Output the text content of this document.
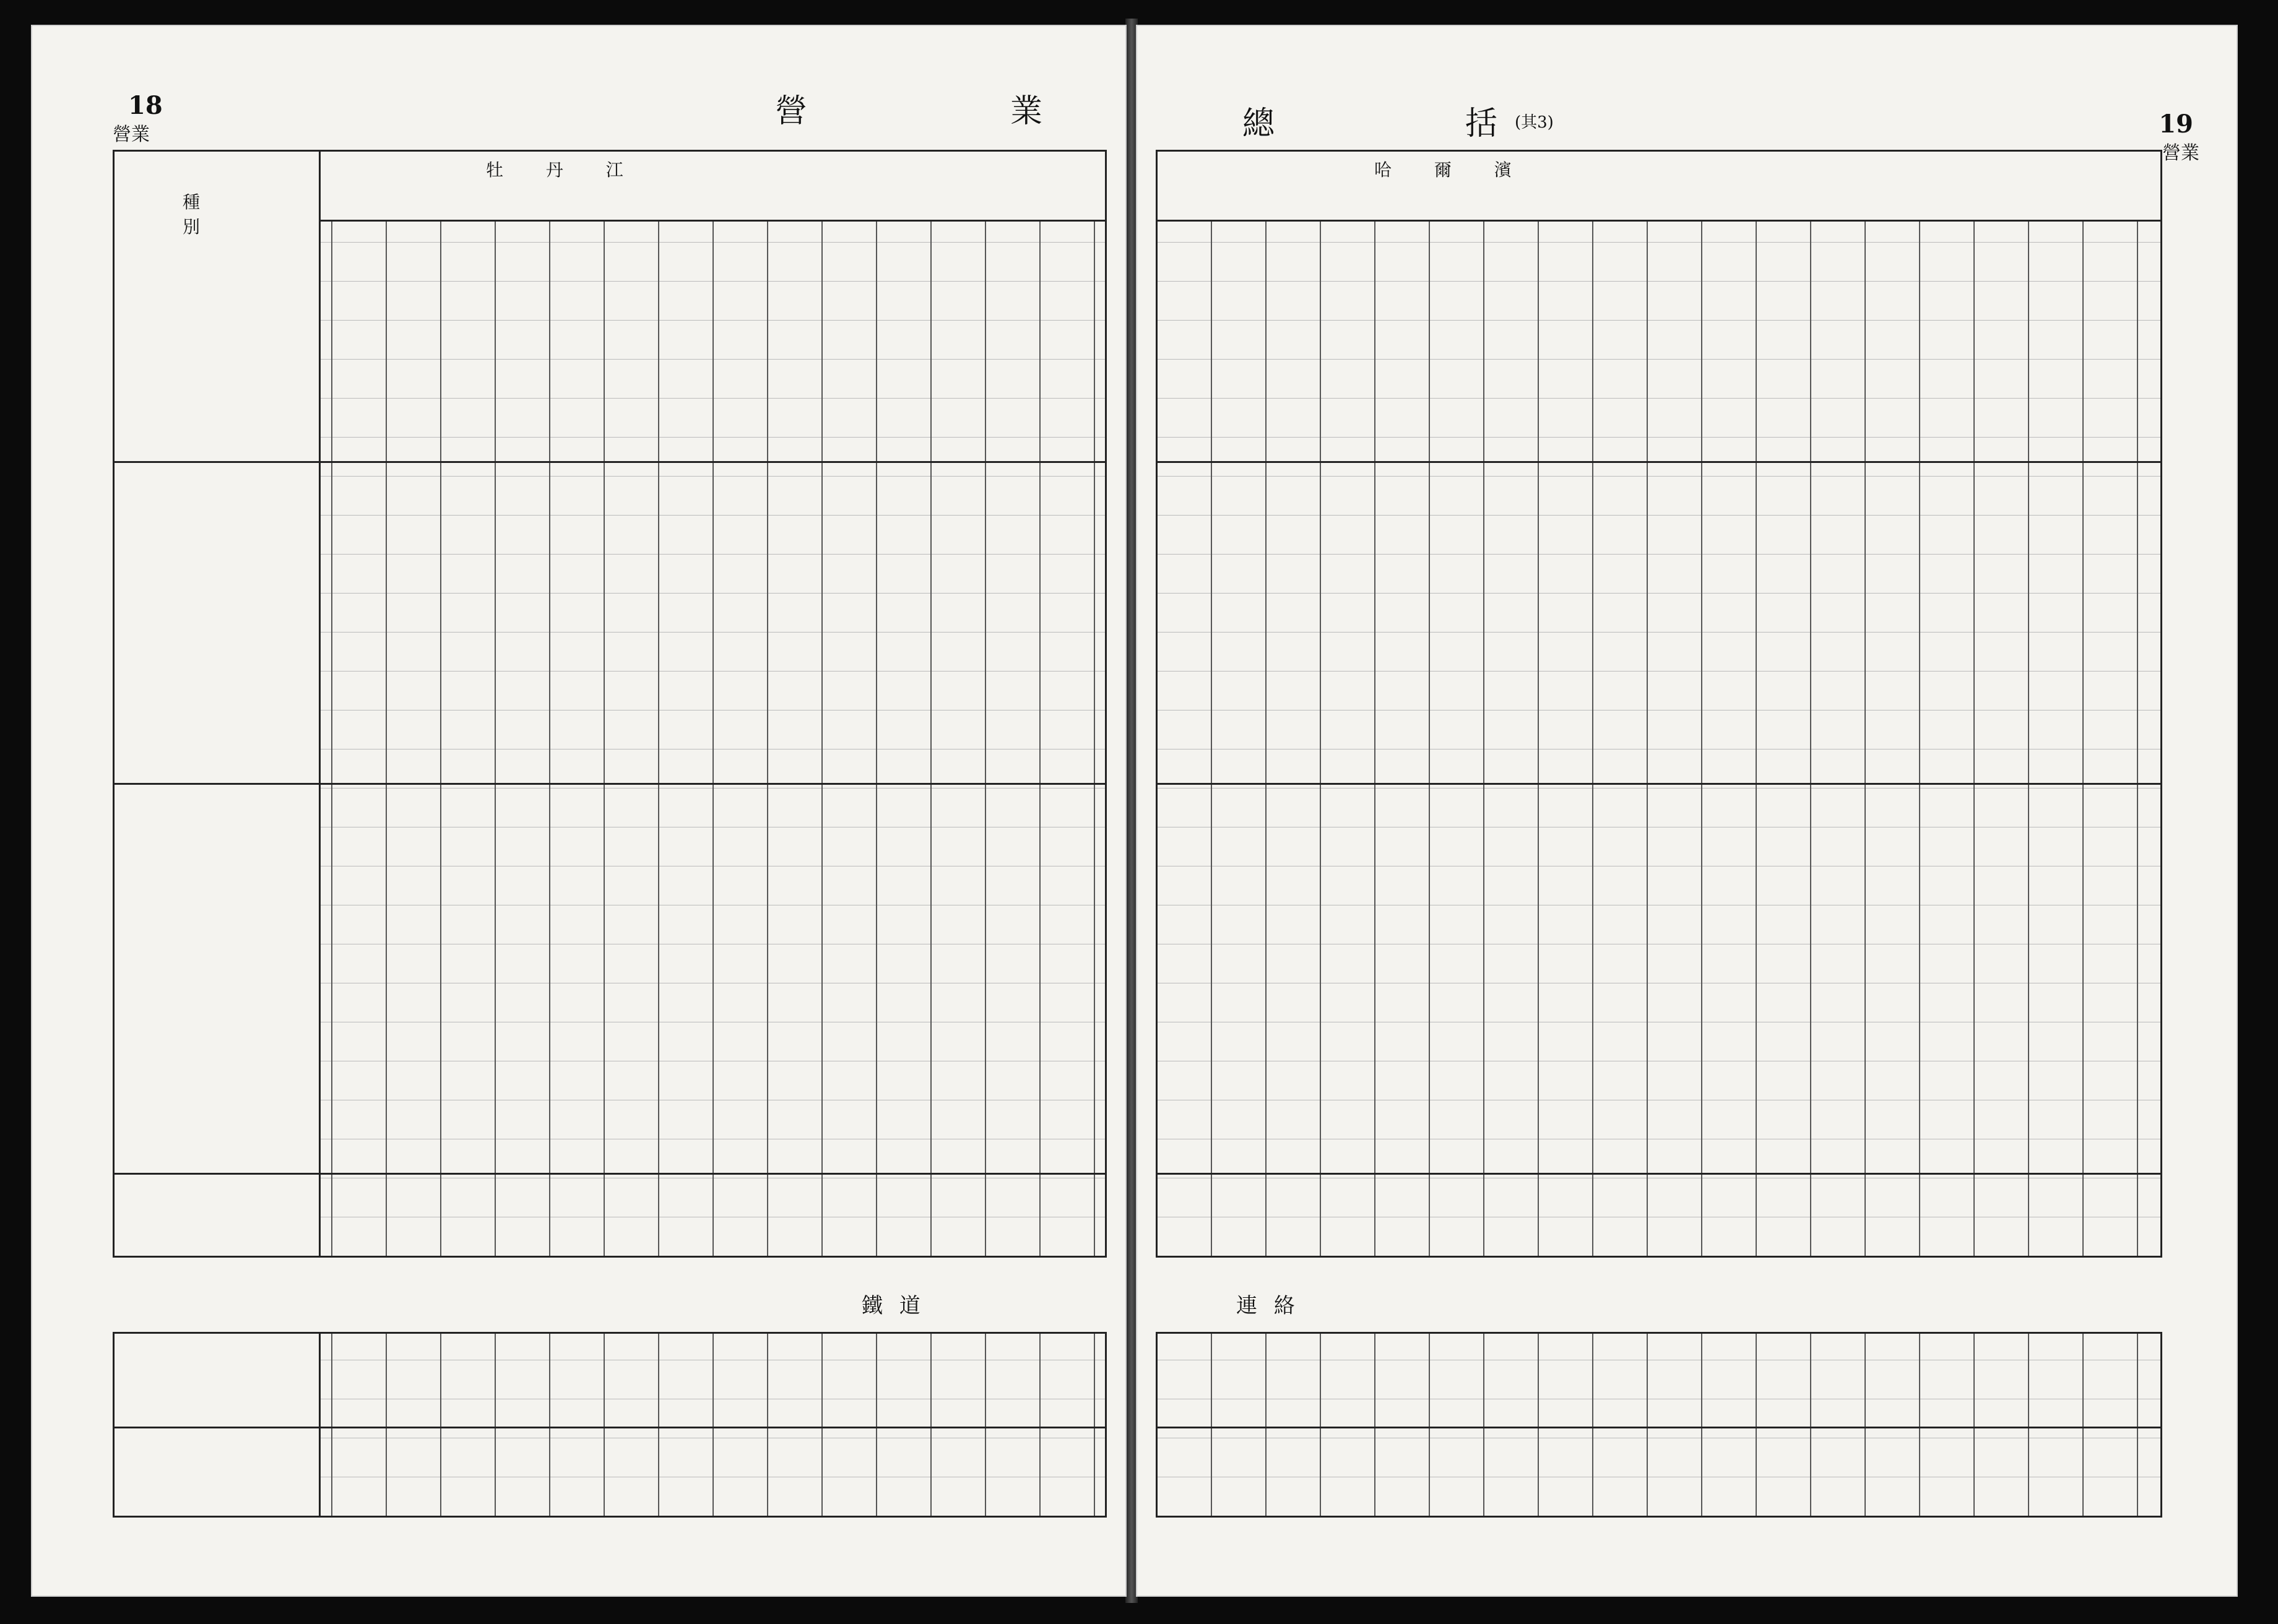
18
營業
營	業
牡 丹 江
種 別
鐵 道
19
營業
總	括 (其3)
哈 爾 濱
連 絡
